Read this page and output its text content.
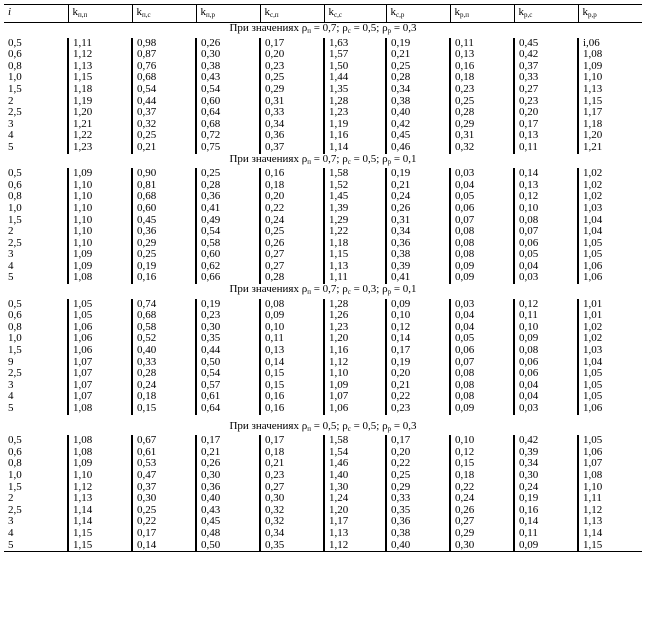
i	$k_{п,п}$	$k_{п,с}$	$k_{п,р}$	$k_{с,п}$	$k_{с,с}$	$k_{с,р}$	$k_{р,п}$	$k_{р,с}$	$k_{р,р}$
При значениях $\rho_п = 0,7$; $\rho_с = 0,5$; $\rho_р = 0,3$									
0,5	1,11	0,98	0,26	0,17	1,63	0,19	0,11	0,45	i,06
0,6	1,12	0,87	0,30	0,20	1,57	0,21	0,13	0,42	1,08
0,8	1,13	0,76	0,38	0,23	1,50	0,25	0,16	0,37	1,09
1,0	1,15	0,68	0,43	0,25	1,44	0,28	0,18	0,33	1,10
1,5	1,18	0,54	0,54	0,29	1,35	0,34	0,23	0,27	1,13
2	1,19	0,44	0,60	0,31	1,28	0,38	0,25	0,23	1,15
2,5	1,20	0,37	0,64	0,33	1,23	0,40	0,28	0,20	1,17
3	1,21	0,32	0,68	0,34	1,19	0,42	0,29	0,17	1,18
4	1,22	0,25	0,72	0,36	1,16	0,45	0,31	0,13	1,20
5	1,23	0,21	0,75	0,37	1,14	0,46	0,32	0,11	1,21
При значениях $\rho_п = 0,7$; $\rho_с = 0,5$; $\rho_р = 0,1$									
0,5	1,09	0,90	0,25	0,16	1,58	0,19	0,03	0,14	1,02
0,6	1,10	0,81	0,28	0,18	1,52	0,21	0,04	0,13	1,02
0,8	1,10	0,68	0,36	0,20	1,45	0,24	0,05	0,12	1,02
1,0	1,10	0,60	0,41	0,22	1,39	0,26	0,06	0,10	1,03
1,5	1,10	0,45	0,49	0,24	1,29	0,31	0,07	0,08	1,04
2	1,10	0,36	0,54	0,25	1,22	0,34	0,08	0,07	1,04
2,5	1,10	0,29	0,58	0,26	1,18	0,36	0,08	0,06	1,05
3	1,09	0,25	0,60	0,27	1,15	0,38	0,08	0,05	1,05
4	1,09	0,19	0,62	0,27	1,13	0,39	0,09	0,04	1,06
5	1,08	0,16	0,66	0,28	1,11	0,41	0,09	0,03	1,06
При значениях $\rho_п = 0,7$; $\rho_с = 0,3$; $\rho_р = 0,1$									
0,5	1,05	0,74	0,19	0,08	1,28	0,09	0,03	0,12	1,01
0,6	1,05	0,68	0,23	0,09	1,26	0,10	0,04	0,11	1,01
0,8	1,06	0,58	0,30	0,10	1,23	0,12	0,04	0,10	1,02
1,0	1,06	0,52	0,35	0,11	1,20	0,14	0,05	0,09	1,02
1,5	1,06	0,40	0,44	0,13	1,16	0,17	0,06	0,08	1,03
9	1,07	0,33	0,50	0,14	1,12	0,19	0,07	0,06	1,04
2,5	1,07	0,28	0,54	0,15	1,10	0,20	0,08	0,06	1,05
3	1,07	0,24	0,57	0,15	1,09	0,21	0,08	0,04	1,05
4	1,07	0,18	0,61	0,16	1,07	0,22	0,08	0,04	1,05
5	1,08	0,15	0,64	0,16	1,06	0,23	0,09	0,03	1,06

При значениях $\rho_п = 0,5$; $\rho_с = 0,5$; $\rho_р = 0,3$									
0,5	1,08	0,67	0,17	0,17	1,58	0,17	0,10	0,42	1,05
0,6	1,08	0,61	0,21	0,18	1,54	0,20	0,12	0,39	1,06
0,8	1,09	0,53	0,26	0,21	1,46	0,22	0,15	0,34	1,07
1,0	1,10	0,47	0,30	0,23	1,40	0,25	0,18	0,30	1,08
1,5	1,12	0,37	0,36	0,27	1,30	0,29	0,22	0,24	1,10
2	1,13	0,30	0,40	0,30	1,24	0,33	0,24	0,19	1,11
2,5	1,14	0,25	0,43	0,32	1,20	0,35	0,26	0,16	1,12
3	1,14	0,22	0,45	0,32	1,17	0,36	0,27	0,14	1,13
4	1,15	0,17	0,48	0,34	1,13	0,38	0,29	0,11	1,14
5	1,15	0,14	0,50	0,35	1,12	0,40	0,30	0,09	1,15
